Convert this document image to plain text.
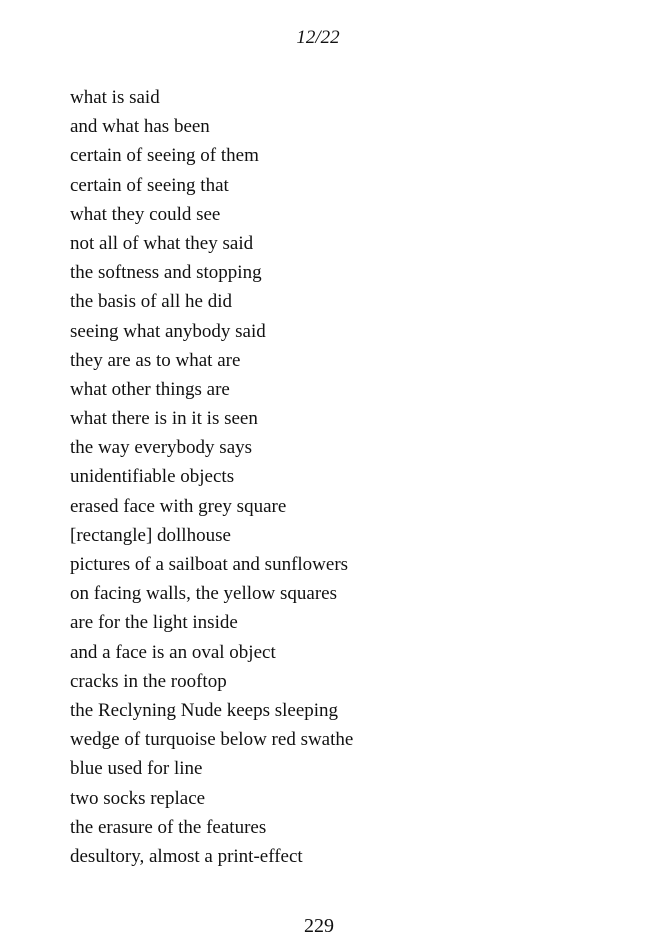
12/22
what is said
and what has been
certain of seeing of them
certain of seeing that
what they could see
not all of what they said
the softness and stopping
the basis of all he did
seeing what anybody said
they are as to what are
what other things are
what there is in it is seen
the way everybody says
unidentifiable objects
erased face with grey square
[rectangle] dollhouse
pictures of a sailboat and sunflowers
on facing walls, the yellow squares
are for the light inside
and a face is an oval object
cracks in the rooftop
the Reclyning Nude keeps sleeping
wedge of turquoise below red swathe
blue used for line
two socks replace
the erasure of the features
desultory, almost a print-effect
229
